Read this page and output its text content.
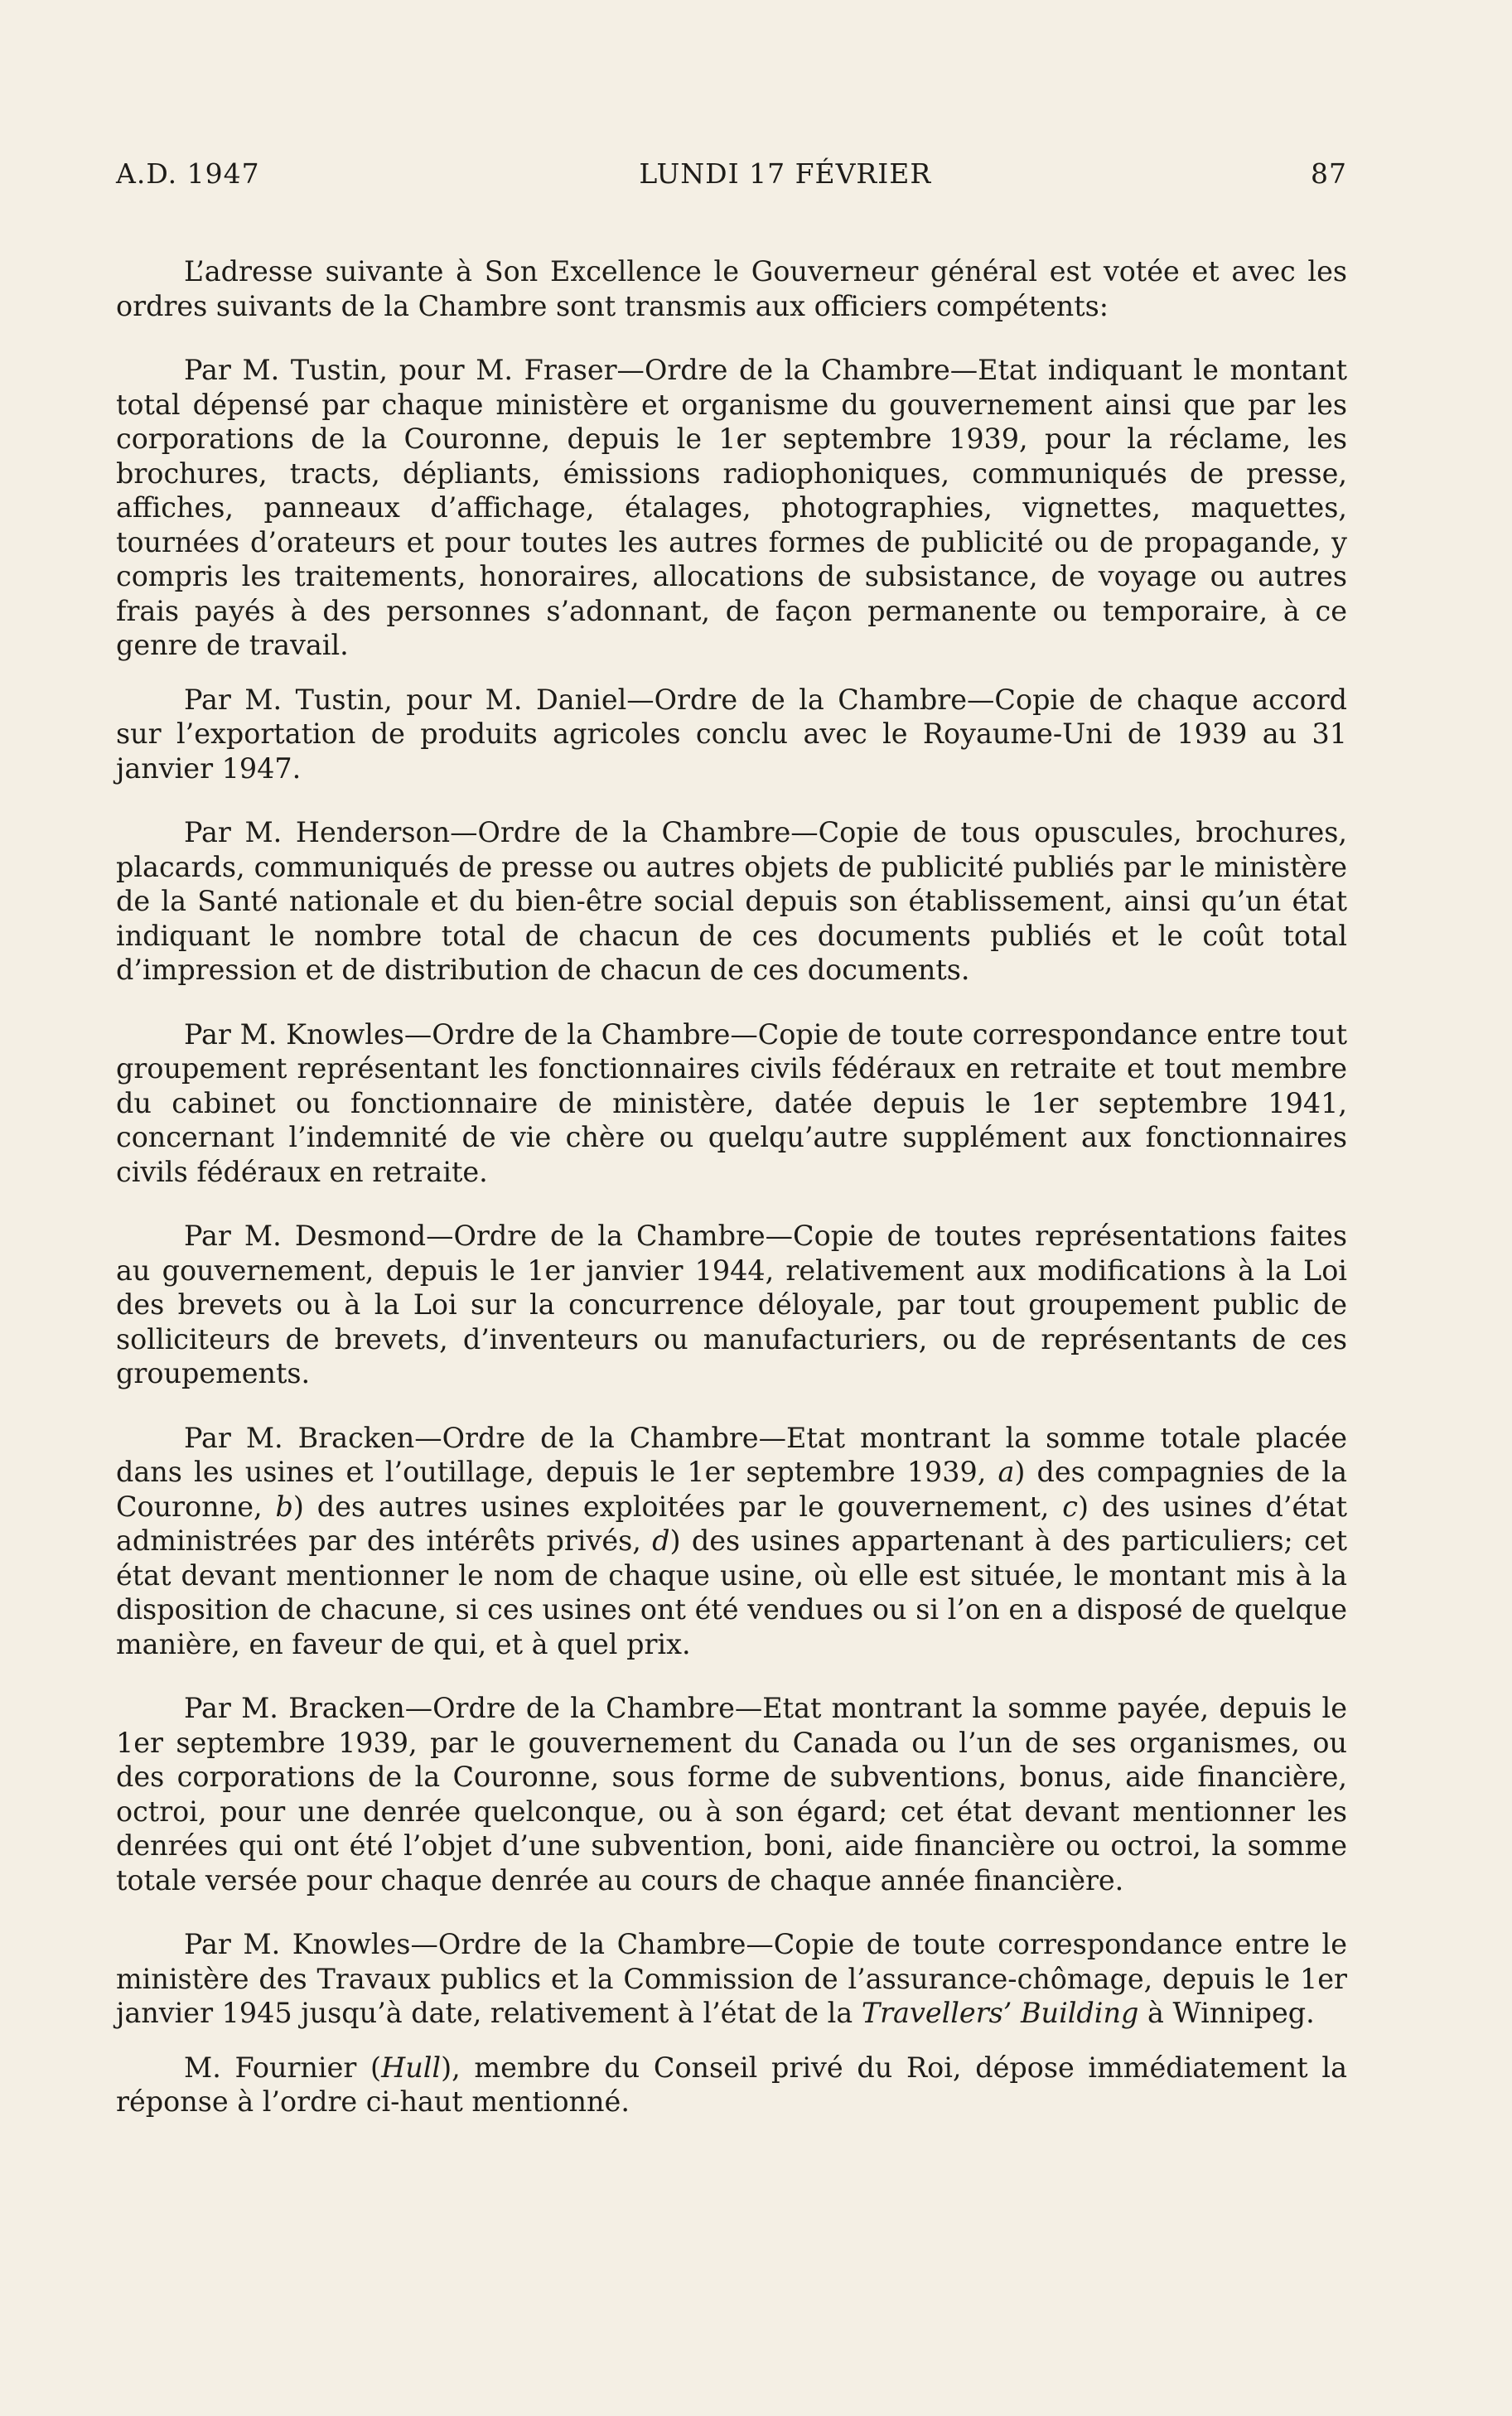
A.D. 1947	LUNDI 17 FÉVRIER	87

L’adresse suivante à Son Excellence le Gouverneur général est votée et avec les ordres suivants de la Chambre sont transmis aux officiers compétents:

Par M. Tustin, pour M. Fraser—Ordre de la Chambre—Etat indiquant le montant total dépensé par chaque ministère et organisme du gouvernement ainsi que par les corporations de la Couronne, depuis le 1er septembre 1939, pour la réclame, les brochures, tracts, dépliants, émissions radiophoniques, communiqués de presse, affiches, panneaux d’affichage, étalages, photographies, vignettes, maquettes, tournées d’orateurs et pour toutes les autres formes de publicité ou de propagande, y compris les traitements, honoraires, allocations de subsistance, de voyage ou autres frais payés à des personnes s’adonnant, de façon permanente ou temporaire, à ce genre de travail.

Par M. Tustin, pour M. Daniel—Ordre de la Chambre—Copie de chaque accord sur l’exportation de produits agricoles conclu avec le Royaume-Uni de 1939 au 31 janvier 1947.

Par M. Henderson—Ordre de la Chambre—Copie de tous opuscules, brochures, placards, communiqués de presse ou autres objets de publicité publiés par le ministère de la Santé nationale et du bien-être social depuis son établissement, ainsi qu’un état indiquant le nombre total de chacun de ces documents publiés et le coût total d’impression et de distribution de chacun de ces documents.

Par M. Knowles—Ordre de la Chambre—Copie de toute correspondance entre tout groupement représentant les fonctionnaires civils fédéraux en retraite et tout membre du cabinet ou fonctionnaire de ministère, datée depuis le 1er septembre 1941, concernant l’indemnité de vie chère ou quelqu’autre supplément aux fonctionnaires civils fédéraux en retraite.

Par M. Desmond—Ordre de la Chambre—Copie de toutes représentations faites au gouvernement, depuis le 1er janvier 1944, relativement aux modifications à la Loi des brevets ou à la Loi sur la concurrence déloyale, par tout groupement public de solliciteurs de brevets, d’inventeurs ou manufacturiers, ou de représentants de ces groupements.

Par M. Bracken—Ordre de la Chambre—Etat montrant la somme totale placée dans les usines et l’outillage, depuis le 1er septembre 1939, a) des compagnies de la Couronne, b) des autres usines exploitées par le gouvernement, c) des usines d’état administrées par des intérêts privés, d) des usines appartenant à des particuliers; cet état devant mentionner le nom de chaque usine, où elle est située, le montant mis à la disposition de chacune, si ces usines ont été vendues ou si l’on en a disposé de quelque manière, en faveur de qui, et à quel prix.

Par M. Bracken—Ordre de la Chambre—Etat montrant la somme payée, depuis le 1er septembre 1939, par le gouvernement du Canada ou l’un de ses organismes, ou des corporations de la Couronne, sous forme de subventions, bonus, aide financière, octroi, pour une denrée quelconque, ou à son égard; cet état devant mentionner les denrées qui ont été l’objet d’une subvention, boni, aide financière ou octroi, la somme totale versée pour chaque denrée au cours de chaque année financière.

Par M. Knowles—Ordre de la Chambre—Copie de toute correspondance entre le ministère des Travaux publics et la Commission de l’assurance-chômage, depuis le 1er janvier 1945 jusqu’à date, relativement à l’état de la Travellers’ Building à Winnipeg.

M. Fournier (Hull), membre du Conseil privé du Roi, dépose immédiatement la réponse à l’ordre ci-haut mentionné.
